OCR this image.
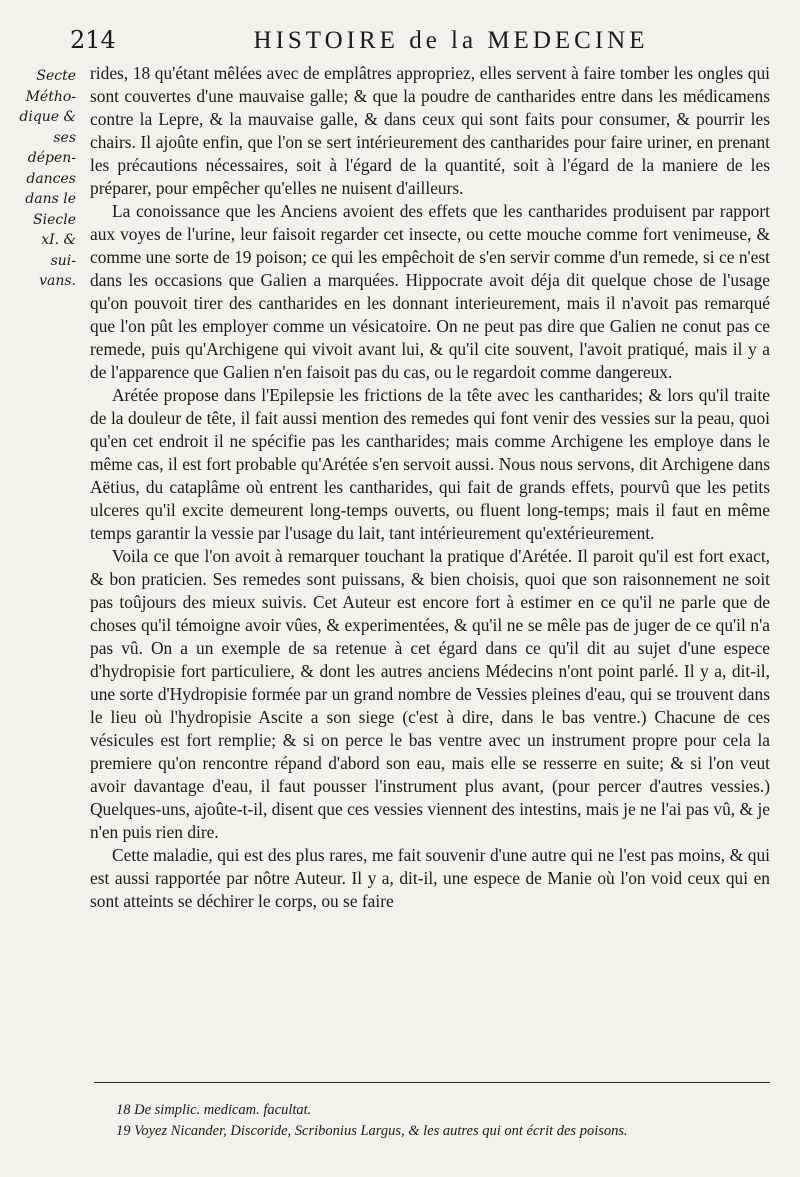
214	HISTOIRE de la MEDECINE
Secte Métho-dique & ses dépen-dances dans le Siecle xI. & sui-vans.

rides, 18 qu'étant mêlées avec de emplâtres appropriez, elles servent à faire tomber les ongles qui sont couvertes d'une mauvaise galle; & que la poudre de cantharides entre dans les médicamens contre la Lepre, & la mauvaise galle, & dans ceux qui sont faits pour consumer, & pourrir les chairs. Il ajoûte enfin, que l'on se sert intérieurement des cantharides pour faire uriner, en prenant les précautions nécessaires, soit à l'égard de la quantité, soit à l'égard de la maniere de les préparer, pour empêcher qu'elles ne nuisent d'ailleurs.

La conoissance que les Anciens avoient des effets que les cantharides produisent par rapport aux voyes de l'urine, leur faisoit regarder cet insecte, ou cette mouche comme fort venimeuse, & comme une sorte de 19 poison; ce qui les empêchoit de s'en servir comme d'un remede, si ce n'est dans les occasions que Galien a marquées. Hippocrate avoit déja dit quelque chose de l'usage qu'on pouvoit tirer des cantharides en les donnant interieurement, mais il n'avoit pas remarqué que l'on pût les employer comme un vésicatoire. On ne peut pas dire que Galien ne conut pas ce remede, puis qu'Archigene qui vivoit avant lui, & qu'il cite souvent, l'avoit pratiqué, mais il y a de l'apparence que Galien n'en faisoit pas du cas, ou le regardoit comme dangereux.

Arétée propose dans l'Epilepsie les frictions de la tête avec les cantharides; & lors qu'il traite de la douleur de tête, il fait aussi mention des remedes qui font venir des vessies sur la peau, quoi qu'en cet endroit il ne spécifie pas les cantharides; mais comme Archigene les employe dans le même cas, il est fort probable qu'Arétée s'en servoit aussi. Nous nous servons, dit Archigene dans Aëtius, du cataplâme où entrent les cantharides, qui fait de grands effets, pourvû que les petits ulceres qu'il excite demeurent long-temps ouverts, ou fluent long-temps; mais il faut en même temps garantir la vessie par l'usage du lait, tant intérieurement qu'extérieurement.

Voila ce que l'on avoit à remarquer touchant la pratique d'Arétée. Il paroit qu'il est fort exact, & bon praticien. Ses remedes sont puissans, & bien choisis, quoi que son raisonnement ne soit pas toûjours des mieux suivis. Cet Auteur est encore fort à estimer en ce qu'il ne parle que de choses qu'il témoigne avoir vûes, & experimentées, & qu'il ne se mêle pas de juger de ce qu'il n'a pas vû. On a un exemple de sa retenue à cet égard dans ce qu'il dit au sujet d'une espece d'hydropisie fort particuliere, & dont les autres anciens Médecins n'ont point parlé. Il y a, dit-il, une sorte d'Hydropisie formée par un grand nombre de Vessies pleines d'eau, qui se trouvent dans le lieu où l'hydropisie Ascite a son siege (c'est à dire, dans le bas ventre.) Chacune de ces vésicules est fort remplie; & si on perce le bas ventre avec un instrument propre pour cela la premiere qu'on rencontre répand d'abord son eau, mais elle se resserre en suite; & si l'on veut avoir davantage d'eau, il faut pousser l'instrument plus avant, (pour percer d'autres vessies.) Quelques-uns, ajoûte-t-il, disent que ces vessies viennent des intestins, mais je ne l'ai pas vû, & je n'en puis rien dire.

Cette maladie, qui est des plus rares, me fait souvenir d'une autre qui ne l'est pas moins, & qui est aussi rapportée par nôtre Auteur. Il y a, dit-il, une espece de Manie où l'on void ceux qui en sont atteints se déchirer le corps, ou se faire

18 De simplic. medicam. facultat.
19 Voyez Nicander, Discoride, Scribonius Largus, & les autres qui ont écrit des poisons.
